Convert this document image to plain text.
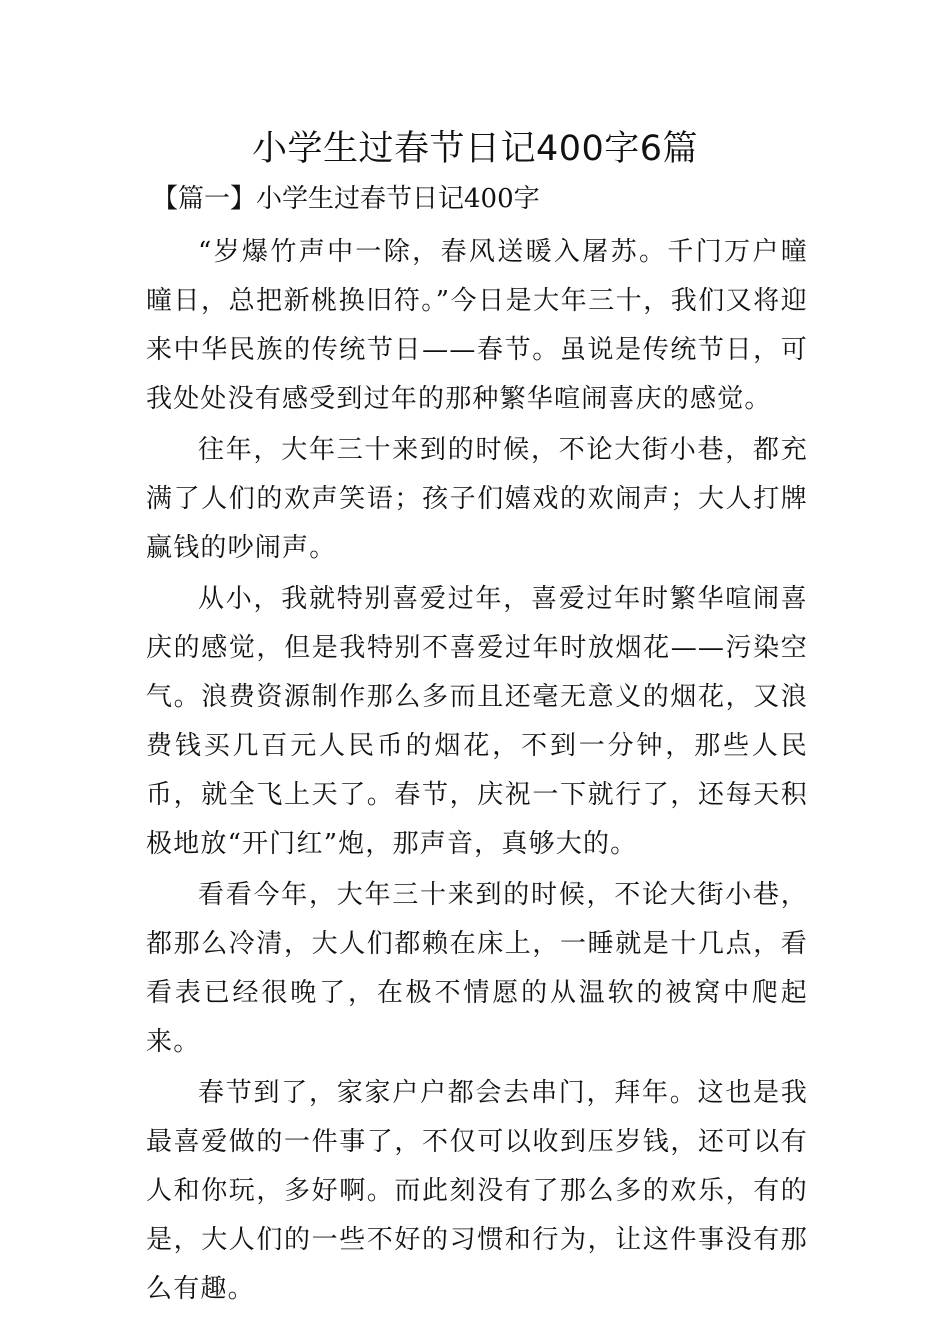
小学生过春节日记400字6篇
【篇一】小学生过春节日记400字

“岁爆竹声中一除，春风送暖入屠苏。千门万户曈曈日，总把新桃换旧符。”今日是大年三十，我们又将迎来中华民族的传统节日——春节。虽说是传统节日，可我处处没有感受到过年的那种繁华喧闹喜庆的感觉。

往年，大年三十来到的时候，不论大街小巷，都充满了人们的欢声笑语；孩子们嬉戏的欢闹声；大人打牌赢钱的吵闹声。

从小，我就特别喜爱过年，喜爱过年时繁华喧闹喜庆的感觉，但是我特别不喜爱过年时放烟花——污染空气。浪费资源制作那么多而且还毫无意义的烟花，又浪费钱买几百元人民币的烟花，不到一分钟，那些人民币，就全飞上天了。春节，庆祝一下就行了，还每天积极地放“开门红”炮，那声音，真够大的。

看看今年，大年三十来到的时候，不论大街小巷，都那么冷清，大人们都赖在床上，一睡就是十几点，看看表已经很晚了，在极不情愿的从温软的被窝中爬起来。

春节到了，家家户户都会去串门，拜年。这也是我最喜爱做的一件事了，不仅可以收到压岁钱，还可以有人和你玩，多好啊。而此刻没有了那么多的欢乐，有的是，大人们的一些不好的习惯和行为，让这件事没有那么有趣。
